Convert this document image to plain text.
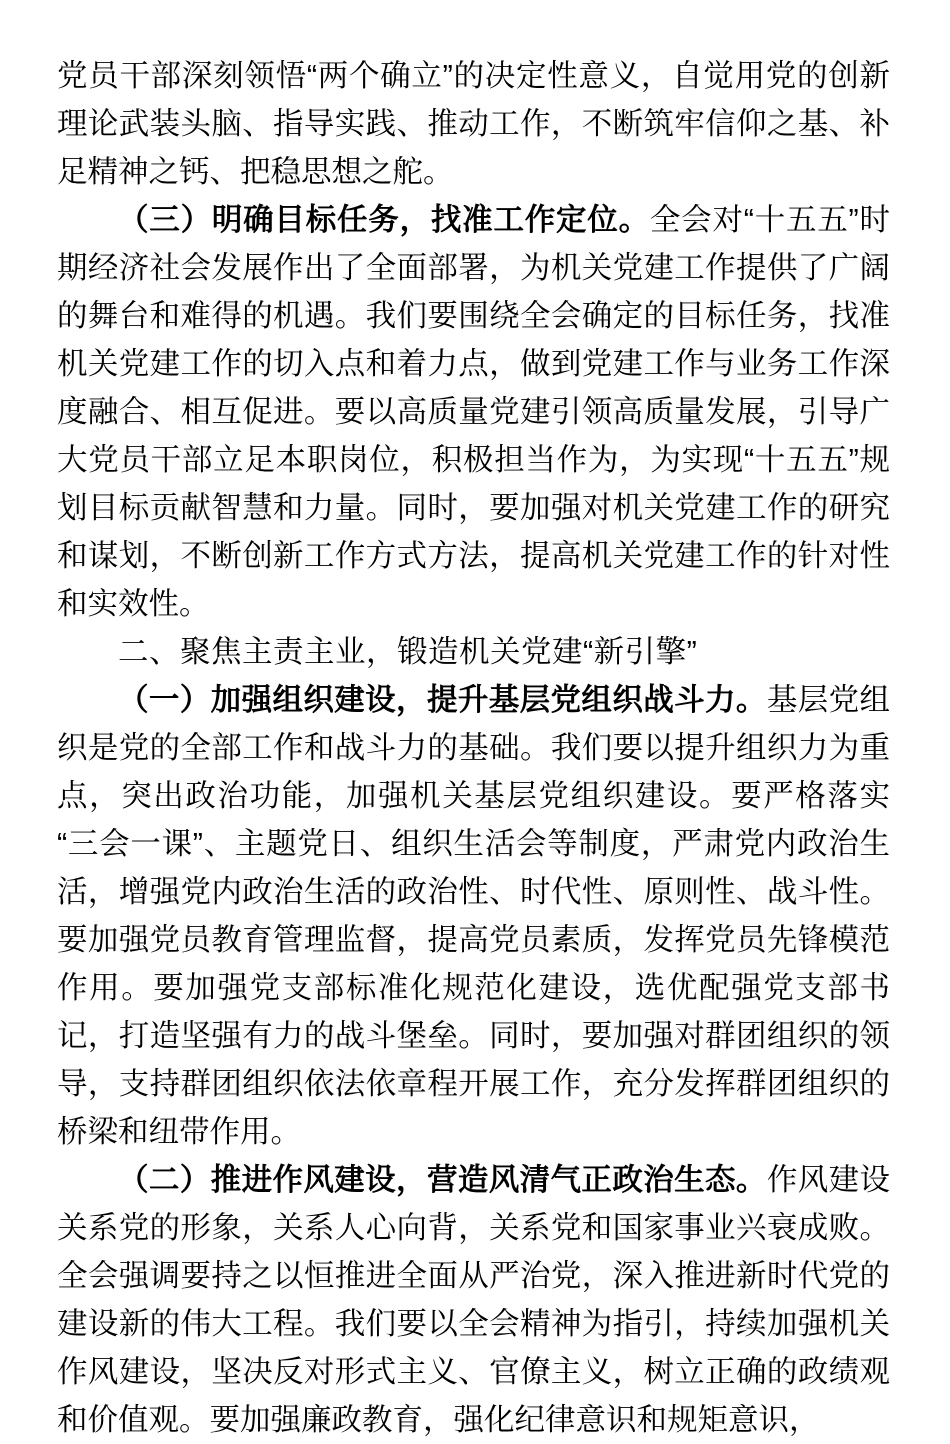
党员干部深刻领悟“两个确立”的决定性意义，自觉用党的创新理论武装头脑、指导实践、推动工作，不断筑牢信仰之基、补足精神之钙、把稳思想之舵。

（三）明确目标任务，找准工作定位。全会对“十五五”时期经济社会发展作出了全面部署，为机关党建工作提供了广阔的舞台和难得的机遇。我们要围绕全会确定的目标任务，找准机关党建工作的切入点和着力点，做到党建工作与业务工作深度融合、相互促进。要以高质量党建引领高质量发展，引导广大党员干部立足本职岗位，积极担当作为，为实现“十五五”规划目标贡献智慧和力量。同时，要加强对机关党建工作的研究和谋划，不断创新工作方式方法，提高机关党建工作的针对性和实效性。

二、聚焦主责主业，锻造机关党建“新引擎”

（一）加强组织建设，提升基层党组织战斗力。基层党组织是党的全部工作和战斗力的基础。我们要以提升组织力为重点，突出政治功能，加强机关基层党组织建设。要严格落实“三会一课”、主题党日、组织生活会等制度，严肃党内政治生活，增强党内政治生活的政治性、时代性、原则性、战斗性。要加强党员教育管理监督，提高党员素质，发挥党员先锋模范作用。要加强党支部标准化规范化建设，选优配强党支部书记，打造坚强有力的战斗堡垒。同时，要加强对群团组织的领导，支持群团组织依法依章程开展工作，充分发挥群团组织的桥梁和纽带作用。

（二）推进作风建设，营造风清气正政治生态。作风建设关系党的形象，关系人心向背，关系党和国家事业兴衰成败。全会强调要持之以恒推进全面从严治党，深入推进新时代党的建设新的伟大工程。我们要以全会精神为指引，持续加强机关作风建设，坚决反对形式主义、官僚主义，树立正确的政绩观和价值观。要加强廉政教育，强化纪律意识和规矩意识，
